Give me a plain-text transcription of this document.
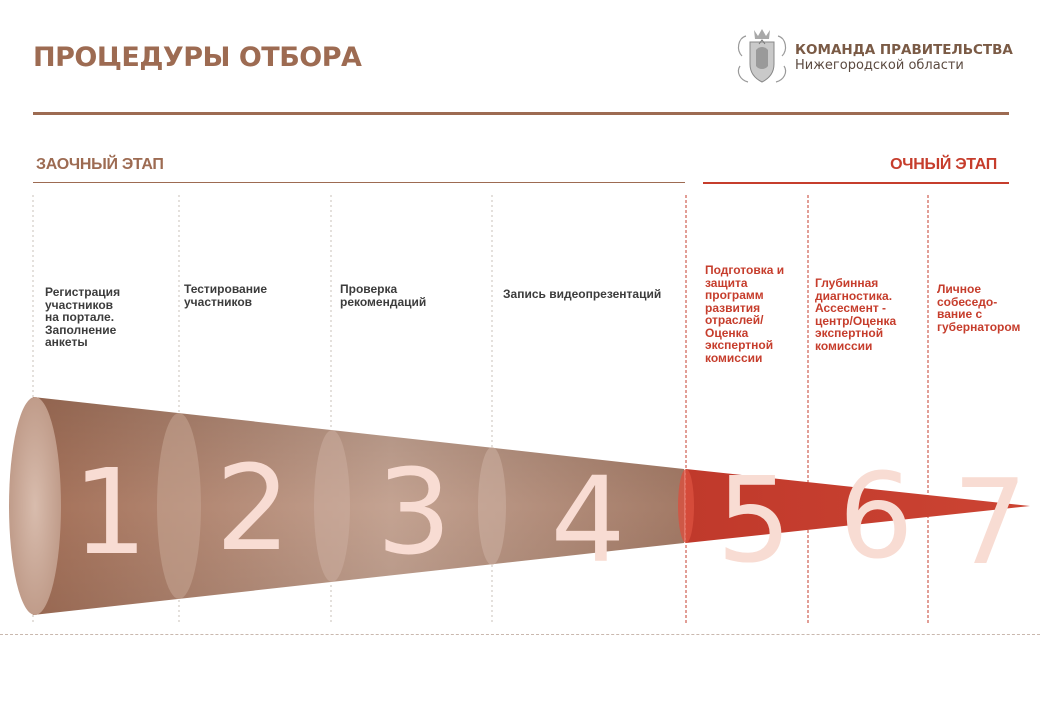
ПРОЦЕДУРЫ ОТБОРА	КОМАНДА ПРАВИТЕЛЬСТВА
Нижегородской области
ЗАОЧНЫЙ ЭТАП	ОЧНЫЙ ЭТАП

Регистрация
участников
на портале.
Заполнение
анкеты

Тестирование
участников

Проверка
рекомендаций

Запись видеопрезентаций

Подготовка и
защита
программ
развития
отраслей/
Оценка
экспертной
комиссии

Глубинная
диагностика.
Ассесмент -
центр/Оценка
экспертной
комиссии

Личное
собеседо-
вание с
губернатором

1 2 3 4 5 6 7
